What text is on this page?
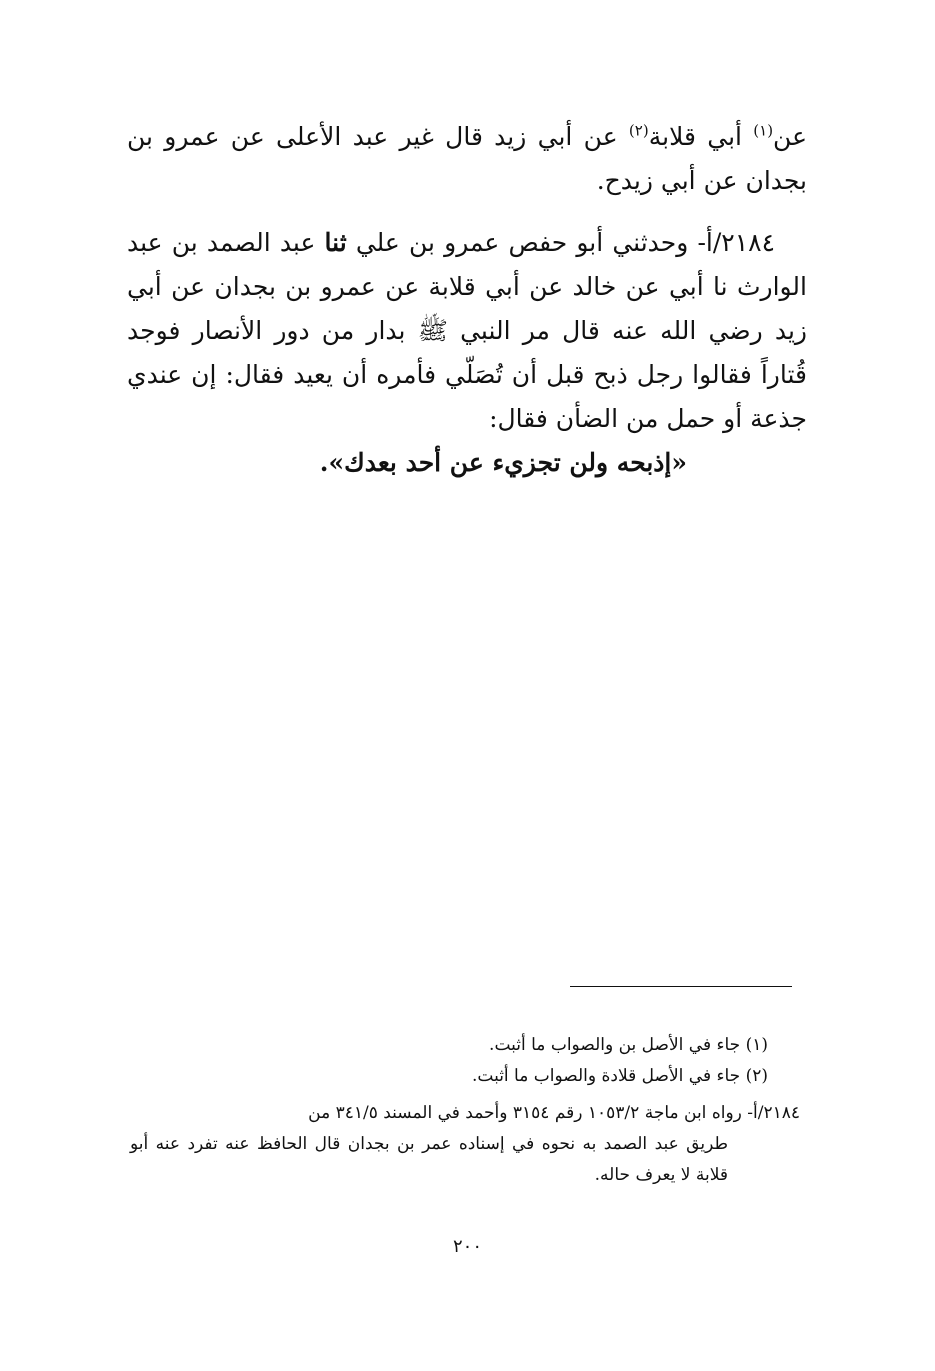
عن$^{(١)}$ أبي قلابة$^{(٢)}$ عن أبي زيد قال غير عبد الأعلى عن عمرو بن بجدان عن أبي زيدح.

٢١٨٤/أ- وحدثني أبو حفص عمرو بن علي ثنا عبد الصمد بن عبد الوارث نا أبي عن خالد عن أبي قلابة عن عمرو بن بجدان عن أبي زيد رضي الله عنه قال مر النبي ﷺ بدار من دور الأنصار فوجد قُتاراً فقالوا رجل ذبح قبل أن تُصَلّي فأمره أن يعيد فقال: إن عندي جذعة أو حمل من الضأن فقال:

«إذبحه ولن تجزيء عن أحد بعدك».

(١) جاء في الأصل بن والصواب ما أثبت.

(٢) جاء في الأصل قلادة والصواب ما أثبت.

٢١٨٤/أ- رواه ابن ماجة ١٠٥٣/٢ رقم ٣١٥٤ وأحمد في المسند ٣٤١/٥ من
طريق عبد الصمد به نحوه في إسناده عمر بن بجدان قال الحافظ عنه تفرد عنه أبو قلابة لا يعرف حاله.

٢٠٠
